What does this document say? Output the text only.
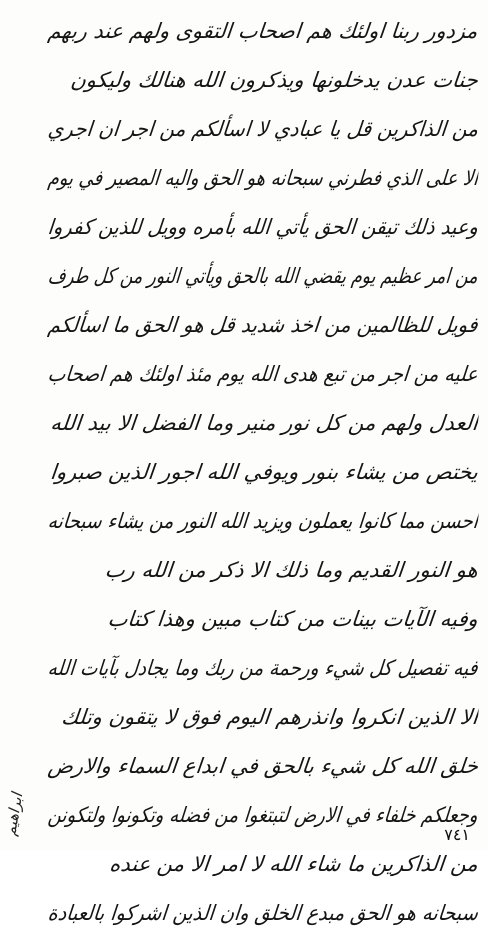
مزدور ربنا اولئك هم اصحاب التقوى ولهم عند ربهم
جنات عدن يدخلونها ويذكرون الله هنالك وليكون
من الذاكرين قل يا عبادي لا اسألكم من اجر ان اجري
الا على الذي فطرني سبحانه هو الحق واليه المصير في يوم
وعيد ذلك تيقن الحق يأتي الله بأمره وويل للذين كفروا
من امر عظيم يوم يقضي الله بالحق ويأتي النور من كل طرف
فويل للظالمين من اخذ شديد قل هو الحق ما اسألكم
عليه من اجر من تبع هدى الله يوم مئذ اولئك هم اصحاب
العدل ولهم من كل نور منير وما الفضل الا بيد الله
يختص من يشاء بنور ويوفي الله اجور الذين صبروا
احسن مما كانوا يعملون ويزيد الله النور من يشاء سبحانه
هو النور القديم وما ذلك الا ذكر من الله رب
وفيه الآيات بينات من كتاب مبين وهذا كتاب
فيه تفصيل كل شيء ورحمة من ربك وما يجادل بآيات الله
الا الذين انكروا وانذرهم اليوم فوق لا يتقون وتلك
خلق الله كل شيء بالحق في ابداع السماء والارض
وجعلكم خلفاء في الارض لتبتغوا من فضله وتكونوا ولتكونن
من الذاكرين ما شاء الله لا امر الا من عنده
سبحانه هو الحق مبدع الخلق وان الذين اشركوا بالعبادة
ابراهيم	٧٤١
